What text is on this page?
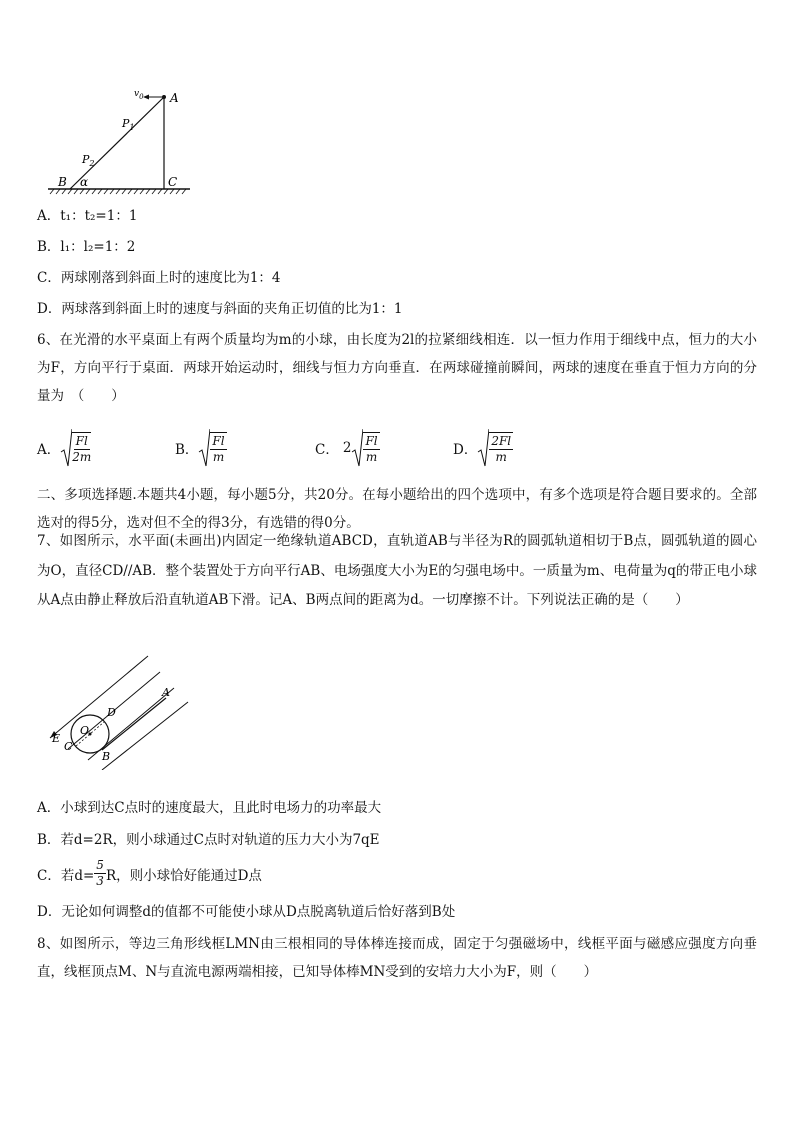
$v_0$ A
$P_1$
$P_2$
B α	C
A．t₁：t₂=1：1
B．l₁：l₂=1：2
C．两球刚落到斜面上时的速度比为1：4
D．两球落到斜面上时的速度与斜面的夹角正切值的比为1：1
6、在光滑的水平桌面上有两个质量均为m的小球，由长度为2l的拉紧细线相连．以一恒力作用于细线中点，恒力的大小为F，方向平行于桌面．两球开始运动时，细线与恒力方向垂直．在两球碰撞前瞬间，两球的速度在垂直于恒力方向的分量为　（　　）
A． $\frac{Fl}{2m}$	B． $\frac{Fl}{m}$	C． $2 \frac{Fl}{m}$	D． $\frac{2Fl}{m}$
二、多项选择题.本题共4小题，每小题5分，共20分。在每小题给出的四个选项中，有多个选项是符合题目要求的。全部选对的得5分，选对但不全的得3分，有选错的得0分。
7、如图所示，水平面(未画出)内固定一绝缘轨道ABCD，直轨道AB与半径为R的圆弧轨道相切于B点，圆弧轨道的圆心为O，直径CD//AB．整个装置处于方向平行AB、电场强度大小为E的匀强电场中。一质量为m、电荷量为q的带正电小球从A点由静止释放后沿直轨道AB下滑。记A、B两点间的距离为d。一切摩擦不计。下列说法正确的是（　　）
A
D
O
E
C
B
A．小球到达C点时的速度最大，且此时电场力的功率最大
B．若d=2R，则小球通过C点时对轨道的压力大小为7qE
C．若$d= \frac{5}{3}$ R，则小球恰好能通过D点
D．无论如何调整d的值都不可能使小球从D点脱离轨道后恰好落到B处
8、如图所示，等边三角形线框LMN由三根相同的导体棒连接而成，固定于匀强磁场中，线框平面与磁感应强度方向垂直，线框顶点M、N与直流电源两端相接，已知导体棒MN受到的安培力大小为F，则（　　）
